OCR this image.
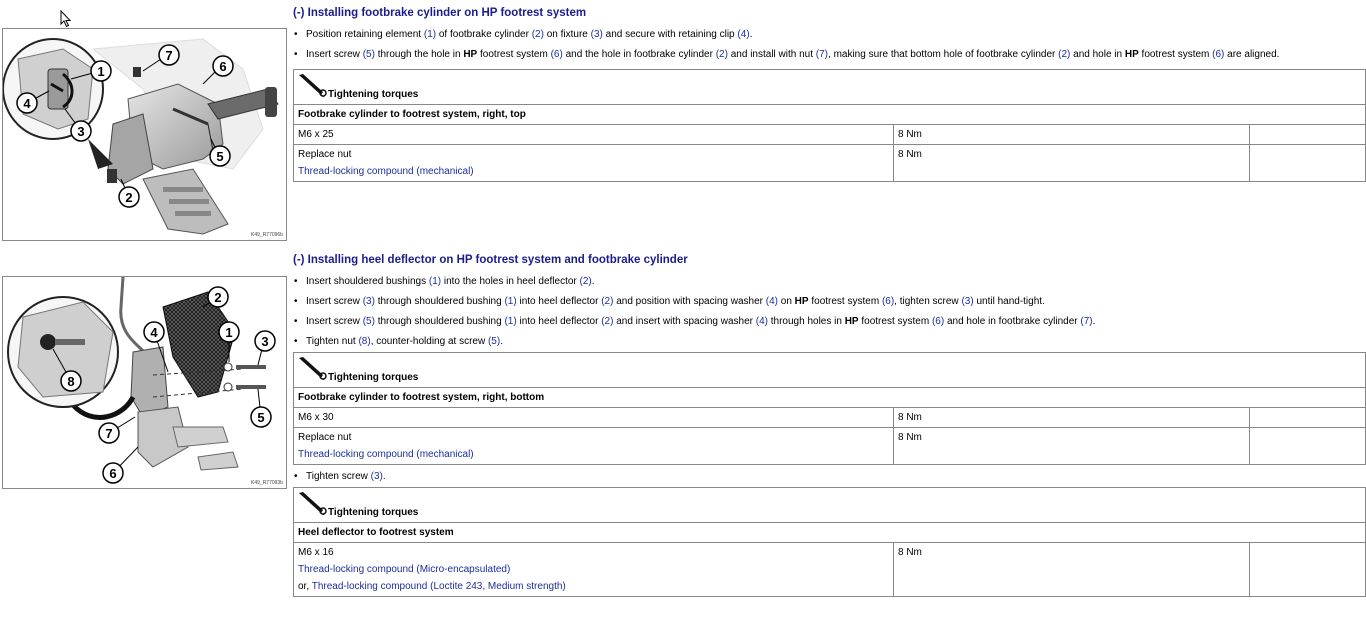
1
2
3
4
5
6
7
K49_R77096b
1
2
3
4
5
6
7
8
K49_R77093b
(-) Installing footbrake cylinder on HP footrest system
• Position retaining element (1) of footbrake cylinder (2) on fixture (3) and secure with retaining clip (4).
• Insert screw (5) through the hole in HP footrest system (6) and the hole in footbrake cylinder (2) and install with nut (7), making sure that bottom hole of footbrake cylinder (2) and hole in HP footrest system (6) are aligned.
Tightening torques		

Footbrake cylinder to footrest system, right, top		

M6 x 25	8 Nm	

Replace nut
Thread-locking compound (mechanical)	8 Nm	
(-) Installing heel deflector on HP footrest system and footbrake cylinder
• Insert shouldered bushings (1) into the holes in heel deflector (2).
• Insert screw (3) through shouldered bushing (1) into heel deflector (2) and position with spacing washer (4) on HP footrest system (6), tighten screw (3) until hand-tight.
• Insert screw (5) through shouldered bushing (1) into heel deflector (2) and insert with spacing washer (4) through holes in HP footrest system (6) and hole in footbrake cylinder (7).
• Tighten nut (8), counter-holding at screw (5).
Tightening torques		

Footbrake cylinder to footrest system, right, bottom		

M6 x 30	8 Nm	

Replace nut
Thread-locking compound (mechanical)	8 Nm	
• Tighten screw (3).
Tightening torques

Heel deflector to footrest system

M6 x 16
Thread-locking compound (Micro-encapsulated)
or, Thread-locking compound (Loctite 243, Medium strength)
	8 Nm	
